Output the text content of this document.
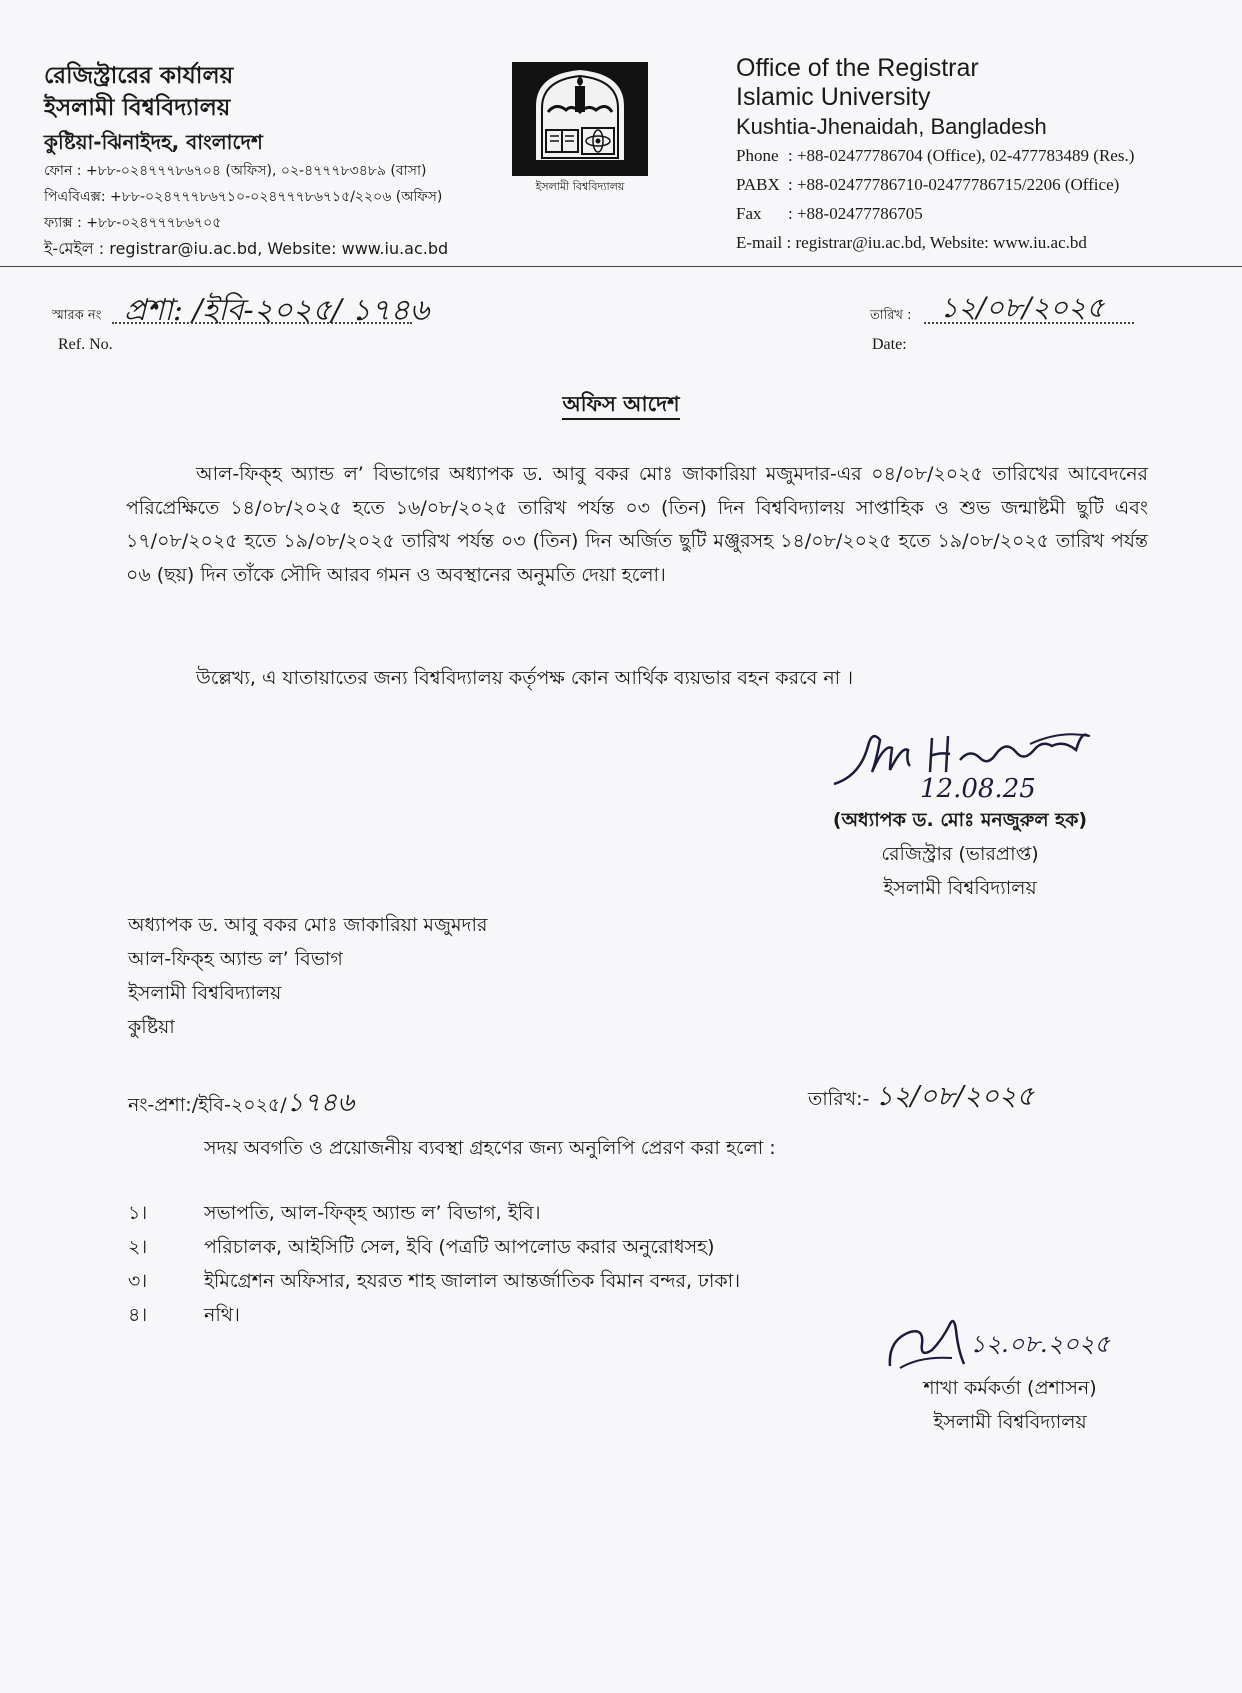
রেজিস্ট্রারের কার্যালয়
ইসলামী বিশ্ববিদ্যালয়
কুষ্টিয়া-ঝিনাইদহ, বাংলাদেশ
ফোন : +৮৮-০২৪৭৭৭৮৬৭০৪ (অফিস), ০২-৪৭৭৭৮৩৪৮৯ (বাসা)
পিএবিএক্স: +৮৮-০২৪৭৭৭৮৬৭১০-০২৪৭৭৭৮৬৭১৫/২২০৬ (অফিস)
ফ্যাক্স : +৮৮-০২৪৭৭৭৮৬৭০৫
ই-মেইল : registrar@iu.ac.bd, Website: www.iu.ac.bd
ইসলামী বিশ্ববিদ্যালয়
Office of the Registrar
Islamic University
Kushtia-Jhenaidah, Bangladesh
Phone : +88-02477786704 (Office), 02-477783489 (Res.)
PABX : +88-02477786710-02477786715/2206 (Office)
Fax : +88-02477786705
E-mail : registrar@iu.ac.bd, Website: www.iu.ac.bd
স্মারক নং
Ref. No.
প্রশা: /ইবি-২০২৫/ ১৭৪৬	তারিখ :
Date:
১২/০৮/২০২৫
অফিস আদেশ

আল-ফিক্হ অ্যান্ড ল’ বিভাগের অধ্যাপক ড. আবু বকর মোঃ জাকারিয়া মজুমদার-এর ০৪/০৮/২০২৫ তারিখের আবেদনের পরিপ্রেক্ষিতে ১৪/০৮/২০২৫ হতে ১৬/০৮/২০২৫ তারিখ পর্যন্ত ০৩ (তিন) দিন বিশ্ববিদ্যালয় সাপ্তাহিক ও শুভ জন্মাষ্টমী ছুটি এবং ১৭/০৮/২০২৫ হতে ১৯/০৮/২০২৫ তারিখ পর্যন্ত ০৩ (তিন) দিন অর্জিত ছুটি মঞ্জুরসহ ১৪/০৮/২০২৫ হতে ১৯/০৮/২০২৫ তারিখ পর্যন্ত ০৬ (ছয়) দিন তাঁকে সৌদি আরব গমন ও অবস্থানের অনুমতি দেয়া হলো।

উল্লেখ্য, এ যাতায়াতের জন্য বিশ্ববিদ্যালয় কর্তৃপক্ষ কোন আর্থিক ব্যয়ভার বহন করবে না ।
12.08.25
(অধ্যাপক ড. মোঃ মনজুরুল হক)
রেজিস্ট্রার (ভারপ্রাপ্ত)
ইসলামী বিশ্ববিদ্যালয়
অধ্যাপক ড. আবু বকর মোঃ জাকারিয়া মজুমদার
আল-ফিক্হ অ্যান্ড ল’ বিভাগ
ইসলামী বিশ্ববিদ্যালয়
কুষ্টিয়া
নং-প্রশা:/ইবি-২০২৫/১৭৪৬	তারিখ:- ১২/০৮/২০২৫
সদয় অবগতি ও প্রয়োজনীয় ব্যবস্থা গ্রহণের জন্য অনুলিপি প্রেরণ করা হলো :
১।	সভাপতি, আল-ফিক্হ অ্যান্ড ল’ বিভাগ, ইবি।
২।	পরিচালক, আইসিটি সেল, ইবি (পত্রটি আপলোড করার অনুরোধসহ)
৩।	ইমিগ্রেশন অফিসার, হযরত শাহ জালাল আন্তর্জাতিক বিমান বন্দর, ঢাকা।
৪।	নথি।
১২.০৮.২০২৫
শাখা কর্মকর্তা (প্রশাসন)
ইসলামী বিশ্ববিদ্যালয়
